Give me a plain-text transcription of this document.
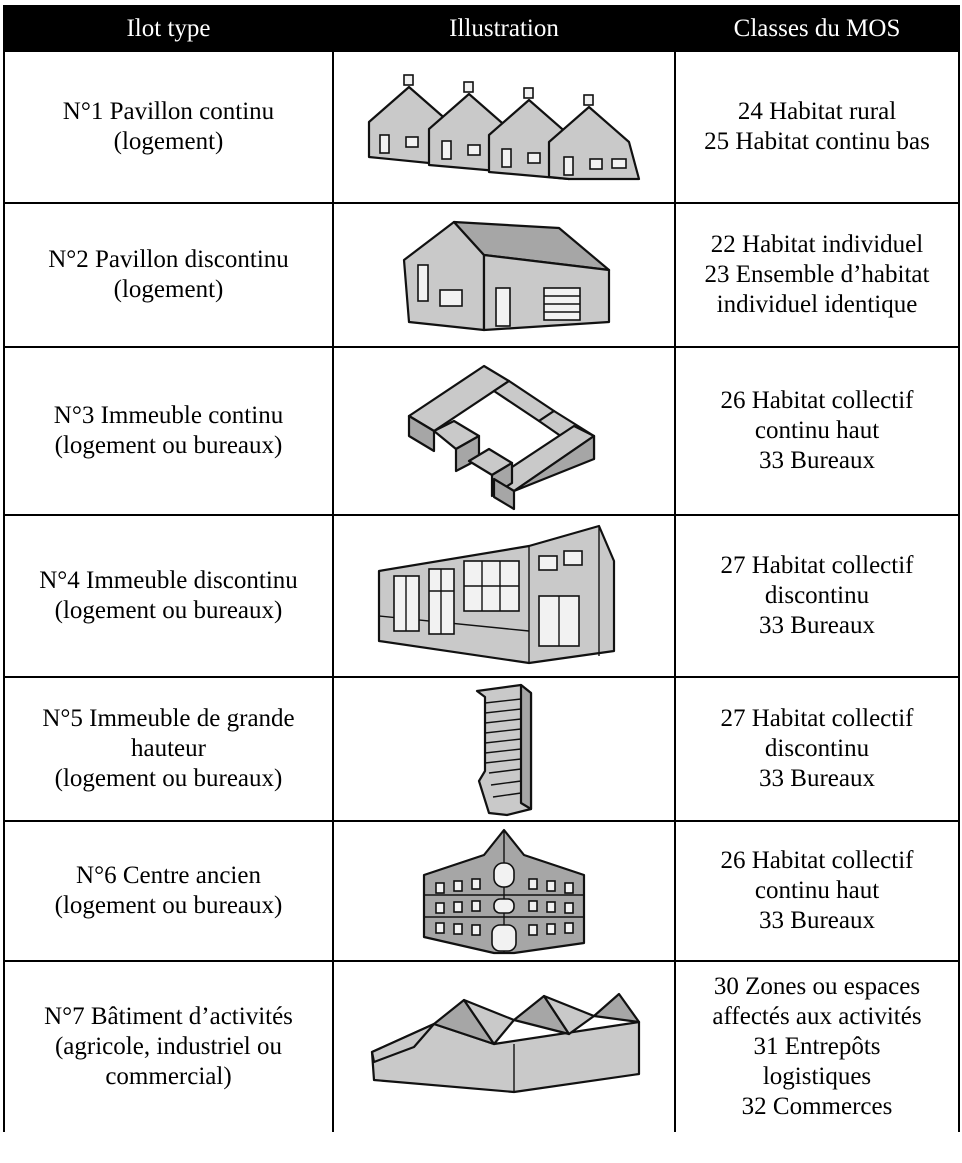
Ilot type	Illustration	Classes du MOS

N°1 Pavillon continu
(logement)		24 Habitat rural
25 Habitat continu bas

N°2 Pavillon discontinu
(logement)		22 Habitat individuel
23 Ensemble d’habitat
individuel identique

N°3 Immeuble continu
(logement ou bureaux)		26 Habitat collectif
continu haut
33 Bureaux

N°4 Immeuble discontinu
(logement ou bureaux)		27 Habitat collectif
discontinu
33 Bureaux

N°5 Immeuble de grande
hauteur
(logement ou bureaux)		27 Habitat collectif
discontinu
33 Bureaux

N°6 Centre ancien
(logement ou bureaux)		26 Habitat collectif
continu haut
33 Bureaux

N°7 Bâtiment d’activités
(agricole, industriel ou
commercial)		30 Zones ou espaces
affectés aux activités
31 Entrepôts
logistiques
32 Commerces
